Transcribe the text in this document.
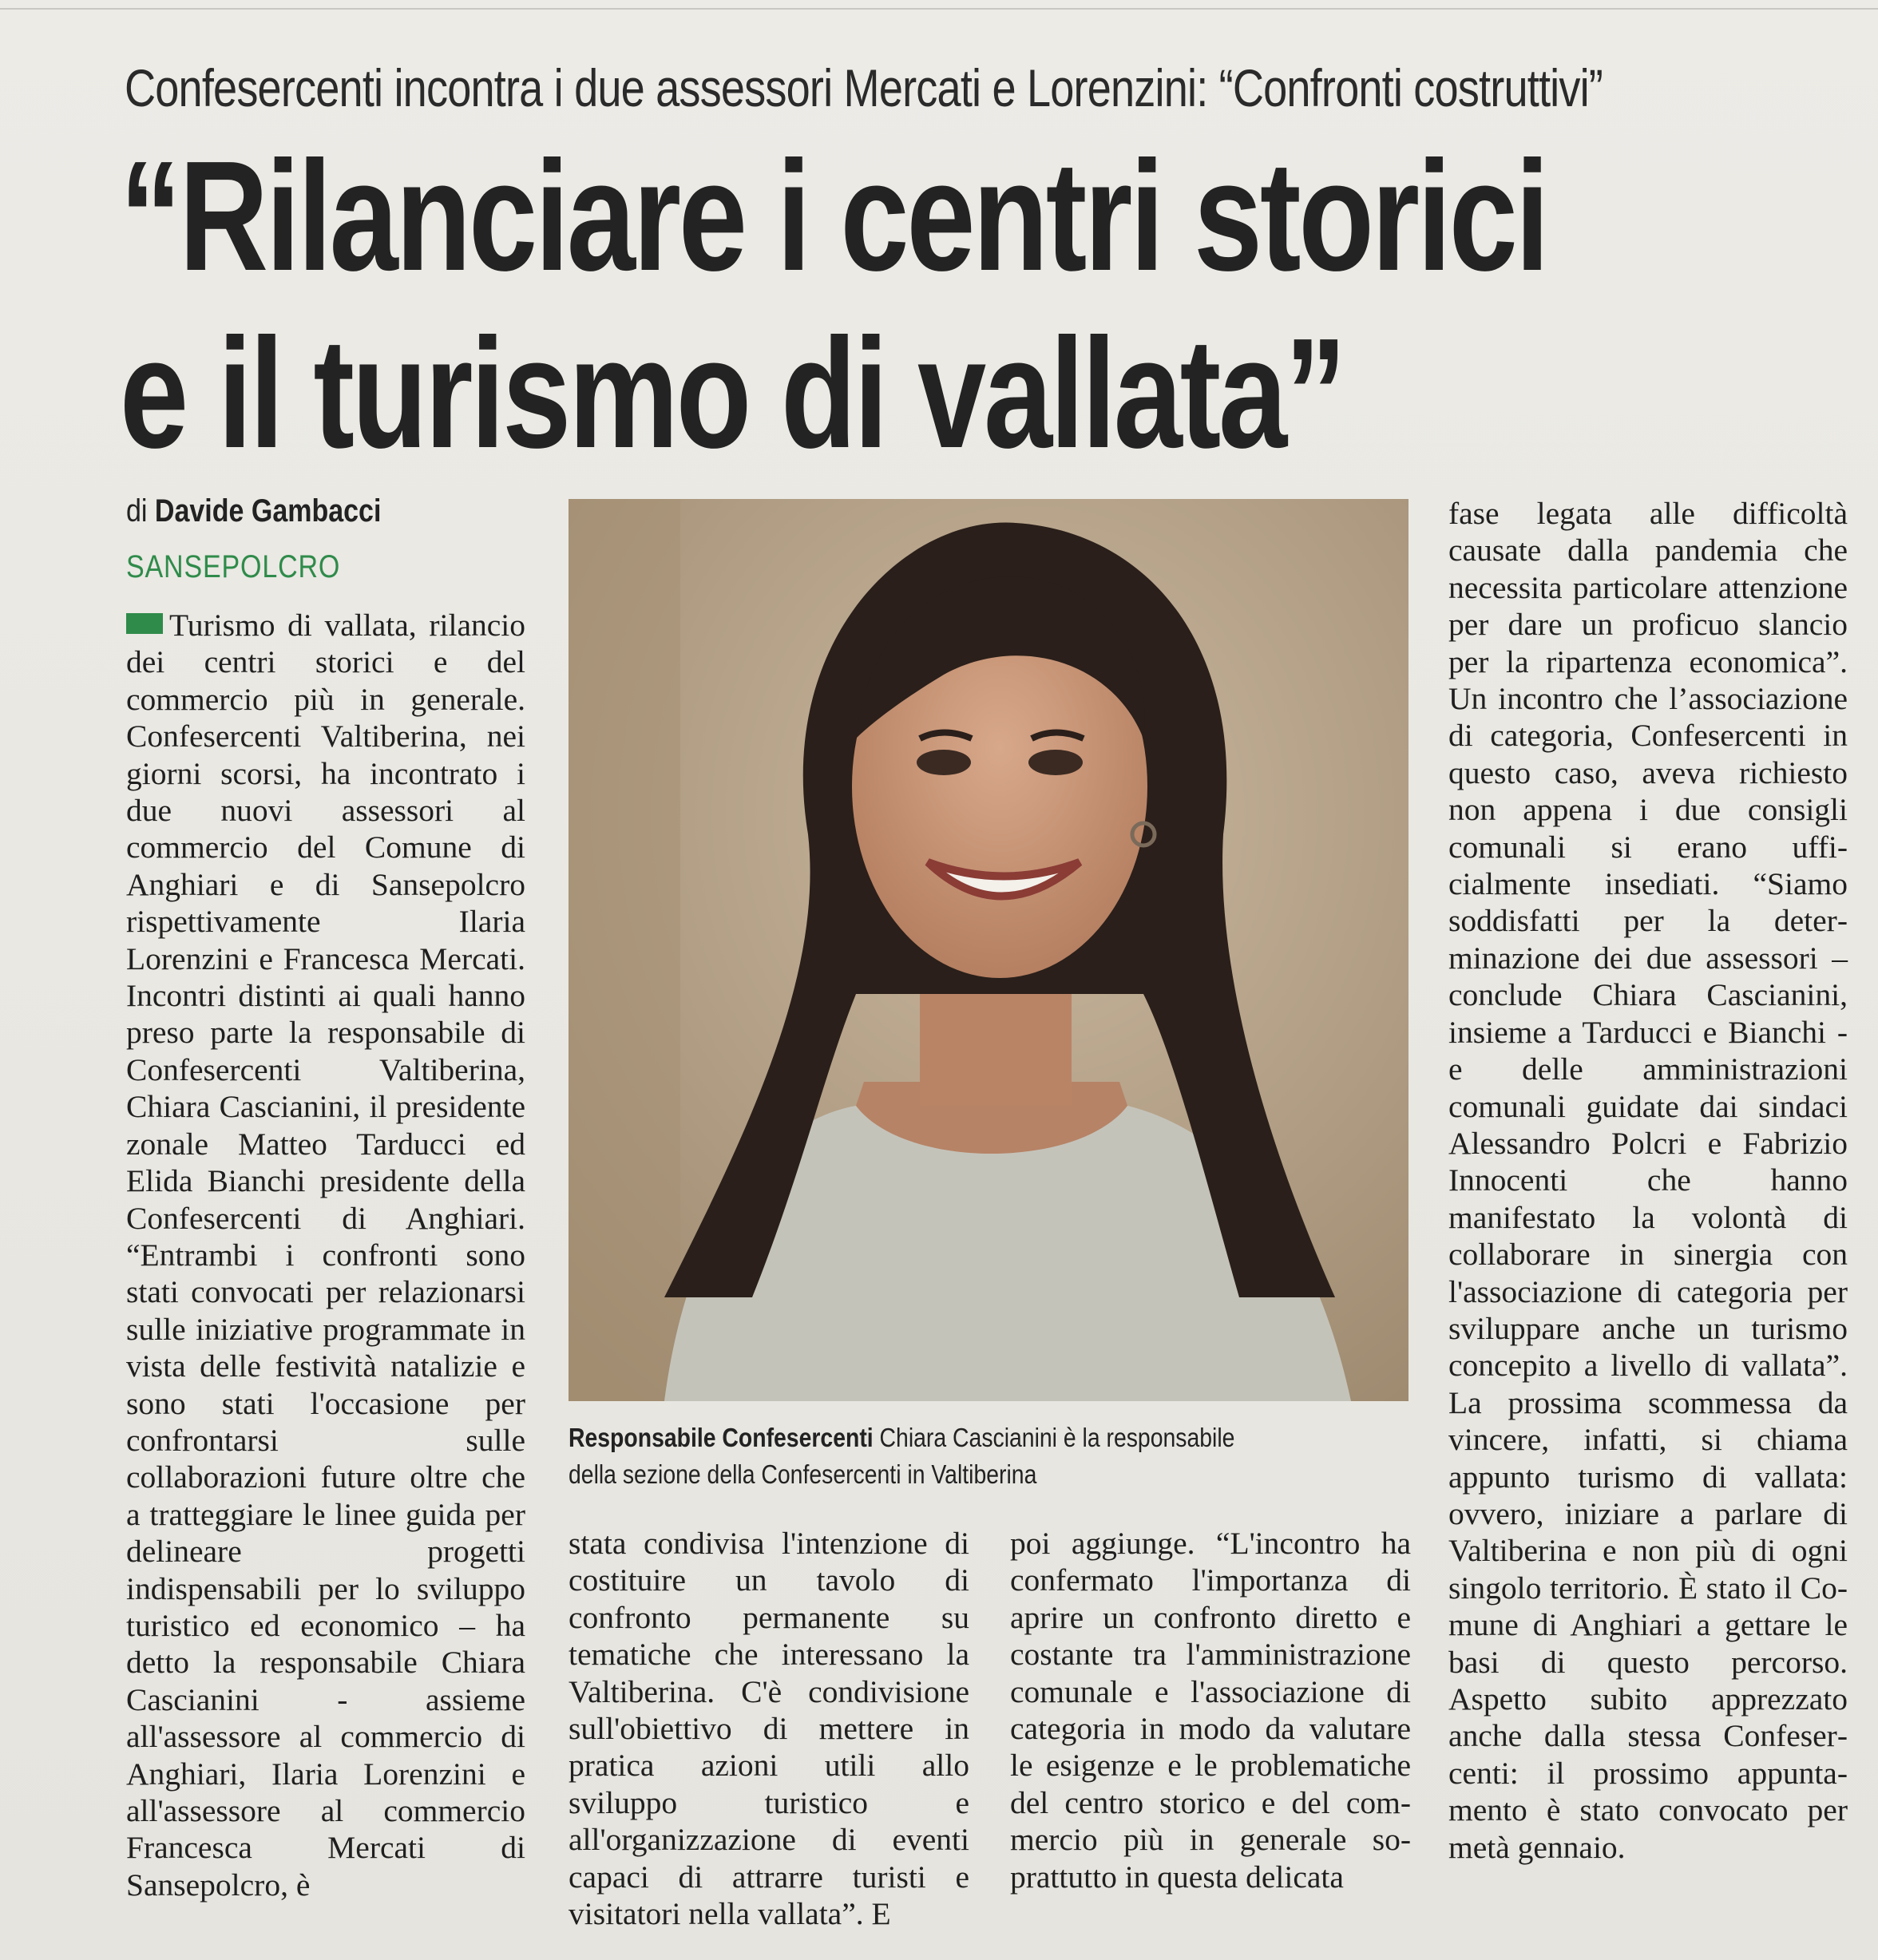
Confesercenti incontra i due assessori Mercati e Lorenzini: “Confronti costruttivi”
“Rilanciare i centri storici
e il turismo di vallata”
di Davide Gambacci
SANSEPOLCRO

Turismo di vallata, rilancio dei centri storici e del commercio più in generale. Confesercenti Valtiberina, nei giorni scorsi, ha incontrato i due nuovi assessori al commercio del Comune di Anghiari e di Sansepolcro rispettivamente Ilaria Lorenzini e Francesca Mercati. Incontri distinti ai quali hanno preso parte la responsabile di Confesercenti Valtiberina, Chiara Cascianini, il presidente zonale Matteo Tarducci ed Elida Bianchi presidente della Confesercenti di Anghiari. “Entrambi i confronti sono stati convocati per relazionarsi sulle iniziative programmate in vista delle festività natalizie e sono stati l'occasione per confrontarsi sulle collaborazioni future oltre che a tratteggiare le linee guida per delineare progetti indispensabili per lo sviluppo turistico ed economico – ha detto la responsabile Chiara Cascianini - assieme all'assessore al commercio di Anghiari, Ilaria Lorenzini e all'assessore al commercio Francesca Mercati di Sansepolcro, è

Responsabile Confesercenti Chiara Cascianini è la responsabile
della sezione della Confesercenti in Valtiberina

stata condivisa l'intenzione di costituire un tavolo di confronto permanente su tematiche che interessano la Valtiberina. C'è condivisione sull'obiettivo di mettere in pratica azioni utili allo sviluppo turistico e all'organizzazione di eventi capaci di attrarre turisti e visitatori nella vallata”. E

poi aggiunge. “L'incontro ha confermato l'importanza di aprire un confronto diretto e costante tra l'amministrazione comunale e l'associazione di categoria in modo da valutare le esigenze e le problematiche del centro storico e del commercio più in generale soprattutto in questa delicata

fase legata alle difficoltà causate dalla pandemia che necessita particolare attenzione per dare un proficuo slancio per la ripartenza economica”. Un incontro che l’associazione di categoria, Confesercenti in questo caso, aveva richiesto non appena i due consigli comunali si erano ufficialmente insediati. “Siamo soddisfatti per la determinazione dei due assessori – conclude Chiara Cascianini, insieme a Tarducci e Bianchi - e delle amministrazioni comunali guidate dai sindaci Alessandro Polcri e Fabrizio Innocenti che hanno manifestato la volontà di collaborare in sinergia con l'associazione di categoria per sviluppare anche un turismo concepito a livello di vallata”. La prossima scommessa da vincere, infatti, si chiama appunto turismo di vallata: ovvero, iniziare a parlare di Valtiberina e non più di ogni singolo territorio. È stato il Comune di Anghiari a gettare le basi di questo percorso. Aspetto subito apprezzato anche dalla stessa Confesercenti: il prossimo appuntamento è stato convocato per metà gennaio.
